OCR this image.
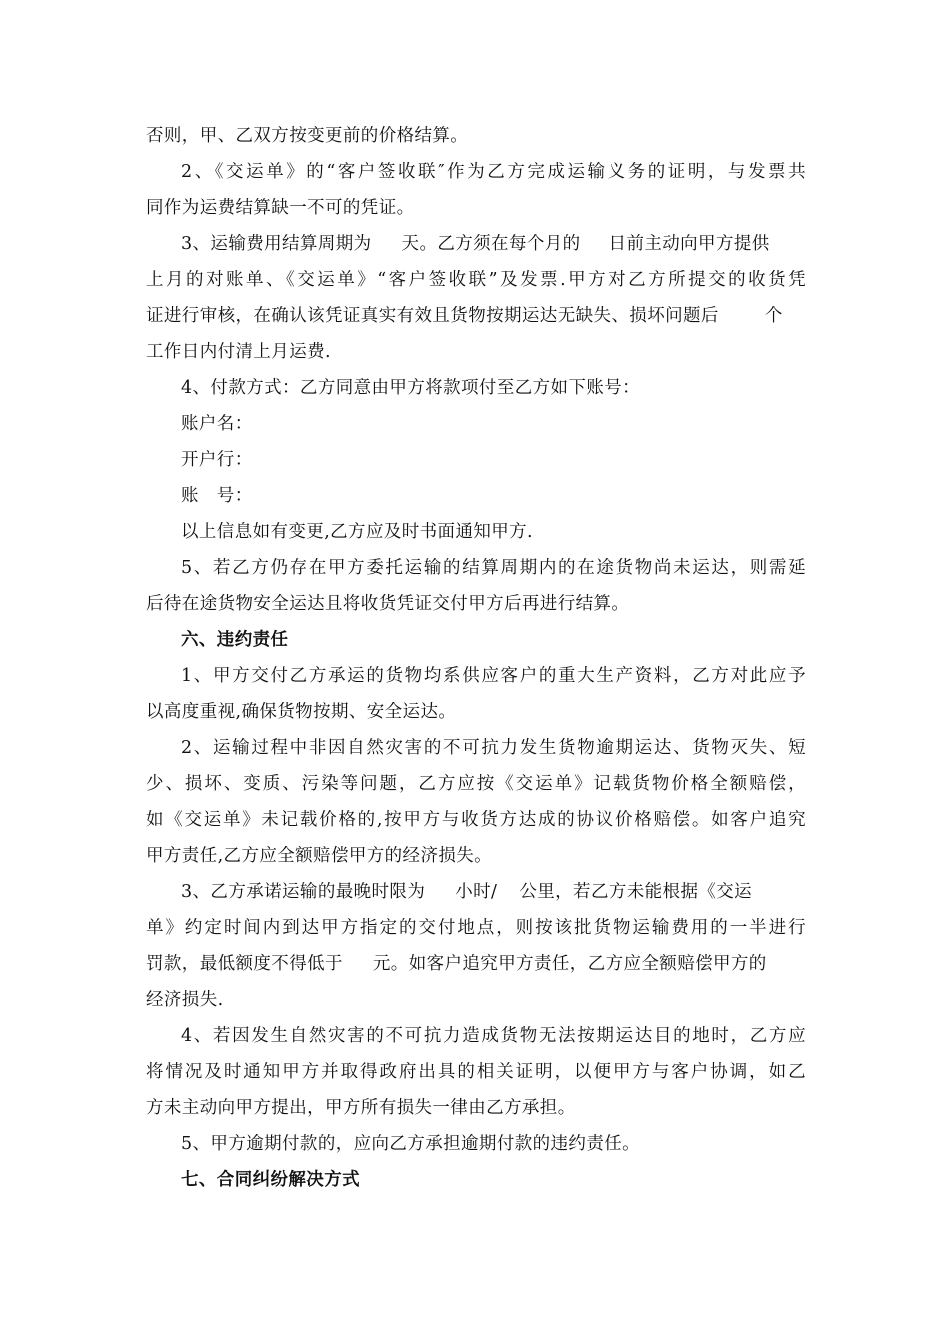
否则，甲、乙双方按变更前的价格结算。
2、《交运单》的“客户签收联″作为乙方完成运输义务的证明，与发票共
同作为运费结算缺一不可的凭证。
3、运输费用结算周期为 天。乙方须在每个月的 日前主动向甲方提供
上月的对账单、《交运单》“客户签收联”及发票.甲方对乙方所提交的收货凭
证进行审核，在确认该凭证真实有效且货物按期运达无缺失、损坏问题后	个
工作日内付清上月运费.
4、付款方式：乙方同意由甲方将款项付至乙方如下账号：
账户名：
开户行：
账　号：
以上信息如有变更,乙方应及时书面通知甲方.
5、若乙方仍存在甲方委托运输的结算周期内的在途货物尚未运达，则需延
后待在途货物安全运达且将收货凭证交付甲方后再进行结算。
六、违约责任
1、甲方交付乙方承运的货物均系供应客户的重大生产资料，乙方对此应予
以高度重视,确保货物按期、安全运达。
2、运输过程中非因自然灾害的不可抗力发生货物逾期运达、货物灭失、短
少、损坏、变质、污染等问题，乙方应按《交运单》记载货物价格全额赔偿，
如《交运单》未记载价格的,按甲方与收货方达成的协议价格赔偿。如客户追究
甲方责任,乙方应全额赔偿甲方的经济损失。
3、乙方承诺运输的最晚时限为 小时/ 公里，若乙方未能根据《交运
单》约定时间内到达甲方指定的交付地点，则按该批货物运输费用的一半进行
罚款，最低额度不得低于 元。如客户追究甲方责任，乙方应全额赔偿甲方的
经济损失.
4、若因发生自然灾害的不可抗力造成货物无法按期运达目的地时，乙方应
将情况及时通知甲方并取得政府出具的相关证明，以便甲方与客户协调，如乙
方未主动向甲方提出，甲方所有损失一律由乙方承担。
5、甲方逾期付款的，应向乙方承担逾期付款的违约责任。
七、合同纠纷解决方式
